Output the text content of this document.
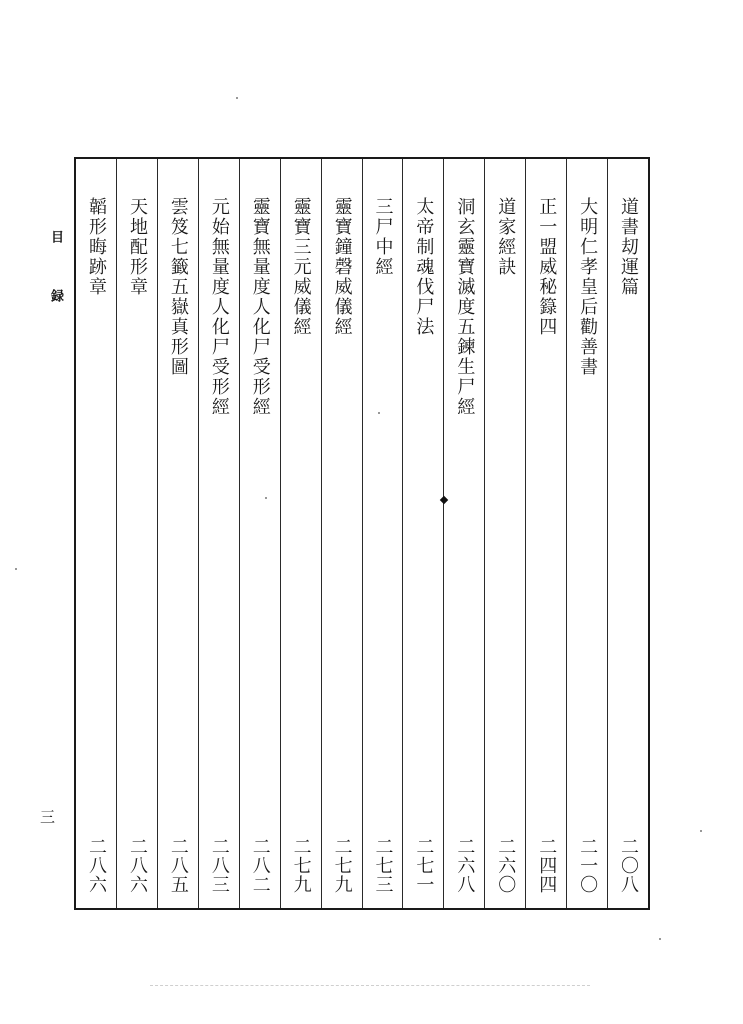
目録
三
道書刧運篇
二〇八
大明仁孝皇后勸善書
二一〇
正一盟威秘籙四
二四四
道家經訣
二六〇
洞玄靈寶滅度五鍊生尸經
二六八
太帝制魂伐尸法
二七一
三尸中經
二七三
靈寶鐘磬威儀經
二七九
靈寶三元威儀經
二七九
靈寶無量度人化尸受形經
二八二
元始無量度人化尸受形經
二八三
雲笈七籤五嶽真形圖
二八五
天地配形章
二八六
韜形晦跡章
二八六
